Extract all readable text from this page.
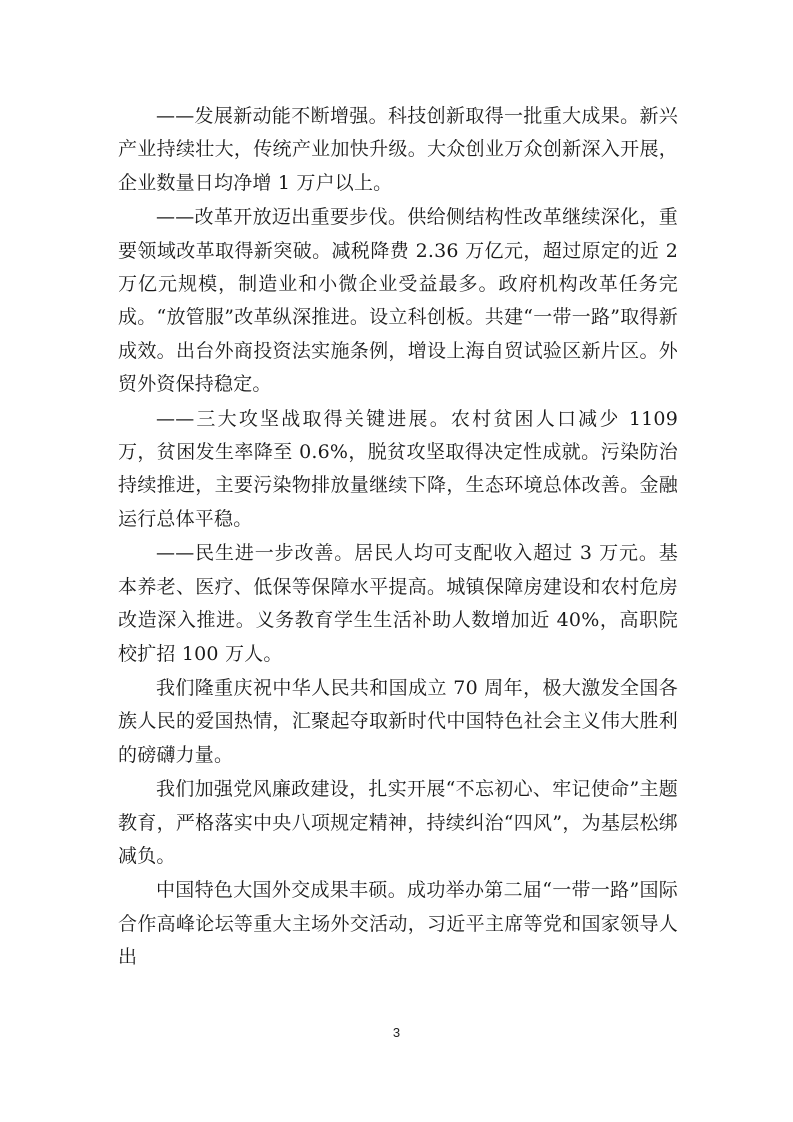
——发展新动能不断增强。科技创新取得一批重大成果。新兴产业持续壮大，传统产业加快升级。大众创业万众创新深入开展，企业数量日均净增 1 万户以上。

——改革开放迈出重要步伐。供给侧结构性改革继续深化，重要领域改革取得新突破。减税降费 2.36 万亿元，超过原定的近 2 万亿元规模，制造业和小微企业受益最多。政府机构改革任务完成。“放管服”改革纵深推进。设立科创板。共建“一带一路”取得新成效。出台外商投资法实施条例，增设上海自贸试验区新片区。外贸外资保持稳定。

——三大攻坚战取得关键进展。农村贫困人口减少 1109 万，贫困发生率降至 0.6%，脱贫攻坚取得决定性成就。污染防治持续推进，主要污染物排放量继续下降，生态环境总体改善。金融运行总体平稳。

——民生进一步改善。居民人均可支配收入超过 3 万元。基本养老、医疗、低保等保障水平提高。城镇保障房建设和农村危房改造深入推进。义务教育学生生活补助人数增加近 40%，高职院校扩招 100 万人。

我们隆重庆祝中华人民共和国成立 70 周年，极大激发全国各族人民的爱国热情，汇聚起夺取新时代中国特色社会主义伟大胜利的磅礴力量。

我们加强党风廉政建设，扎实开展“不忘初心、牢记使命”主题教育，严格落实中央八项规定精神，持续纠治“四风”，为基层松绑减负。

中国特色大国外交成果丰硕。成功举办第二届“一带一路”国际合作高峰论坛等重大主场外交活动，习近平主席等党和国家领导人出

3
